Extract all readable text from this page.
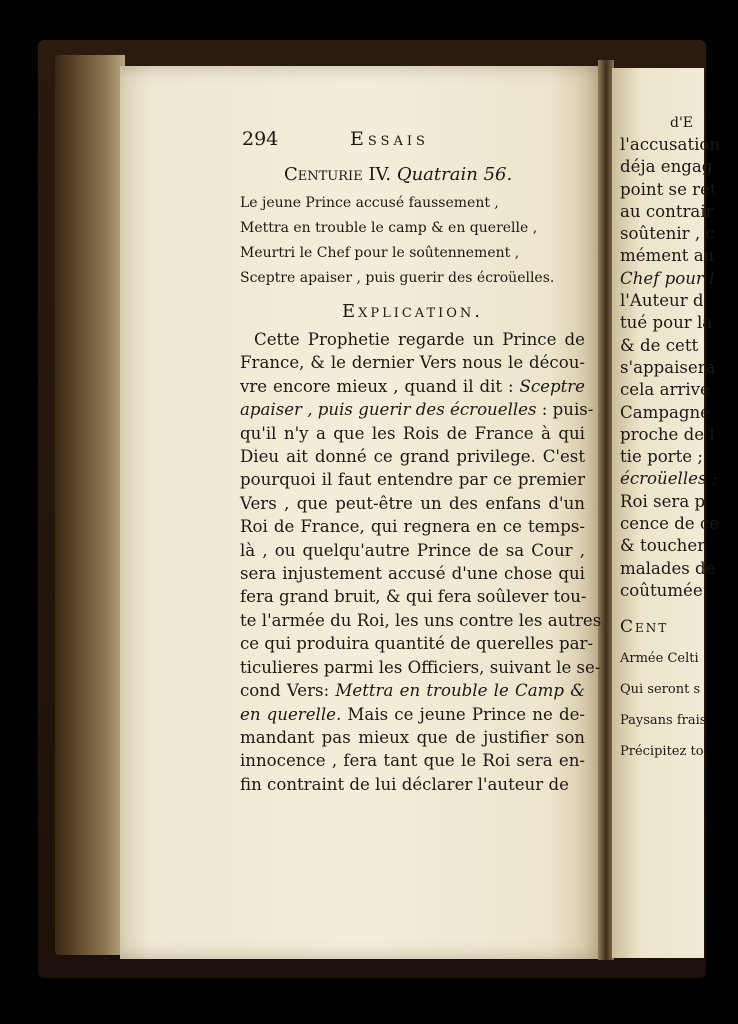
294	Essais
Centurie IV. Quatrain 56.
Le jeune Prince accusé faussement ,
Mettra en trouble le camp & en querelle ,
Meurtri le Chef pour le soûtennement ,
Sceptre apaiser , puis guerir des écroüelles.
Explication.
Cette Prophetie regarde un Prince de
France, & le dernier Vers nous le décou-
vre encore mieux , quand il dit : Sceptre
apaiser , puis guerir des écrouelles : puis-
qu'il n'y a que les Rois de France à qui
Dieu ait donné ce grand privilege. C'est
pourquoi il faut entendre par ce premier
Vers , que peut-être un des enfans d'un
Roi de France, qui regnera en ce temps-
là , ou quelqu'autre Prince de sa Cour ,
sera injustement accusé d'une chose qui
fera grand bruit, & qui fera soûlever tou-
te l'armée du Roi, les uns contre les autres
ce qui produira quantité de querelles par-
ticulieres parmi les Officiers, suivant le se-
cond Vers: Mettra en trouble le Camp &
en querelle. Mais ce jeune Prince ne de-
mandant pas mieux que de justifier son
innocence , fera tant que le Roi sera en-
fin contraint de lui déclarer l'auteur de
d'E
l'accusation
déja engag
point se ret
au contrair
soûtenir , c
mément au
Chef pour l
l'Auteur d
tué pour la
& de cett
s'appaisera
cela arrive
Campagne
proche de l
tie porte ;
écroüelles ;
Roi sera p
cence de ce
& toucher
malades de
coûtumée.
Cent
Armée Celti
Qui seront s
Paysans frais
Précipitez to
